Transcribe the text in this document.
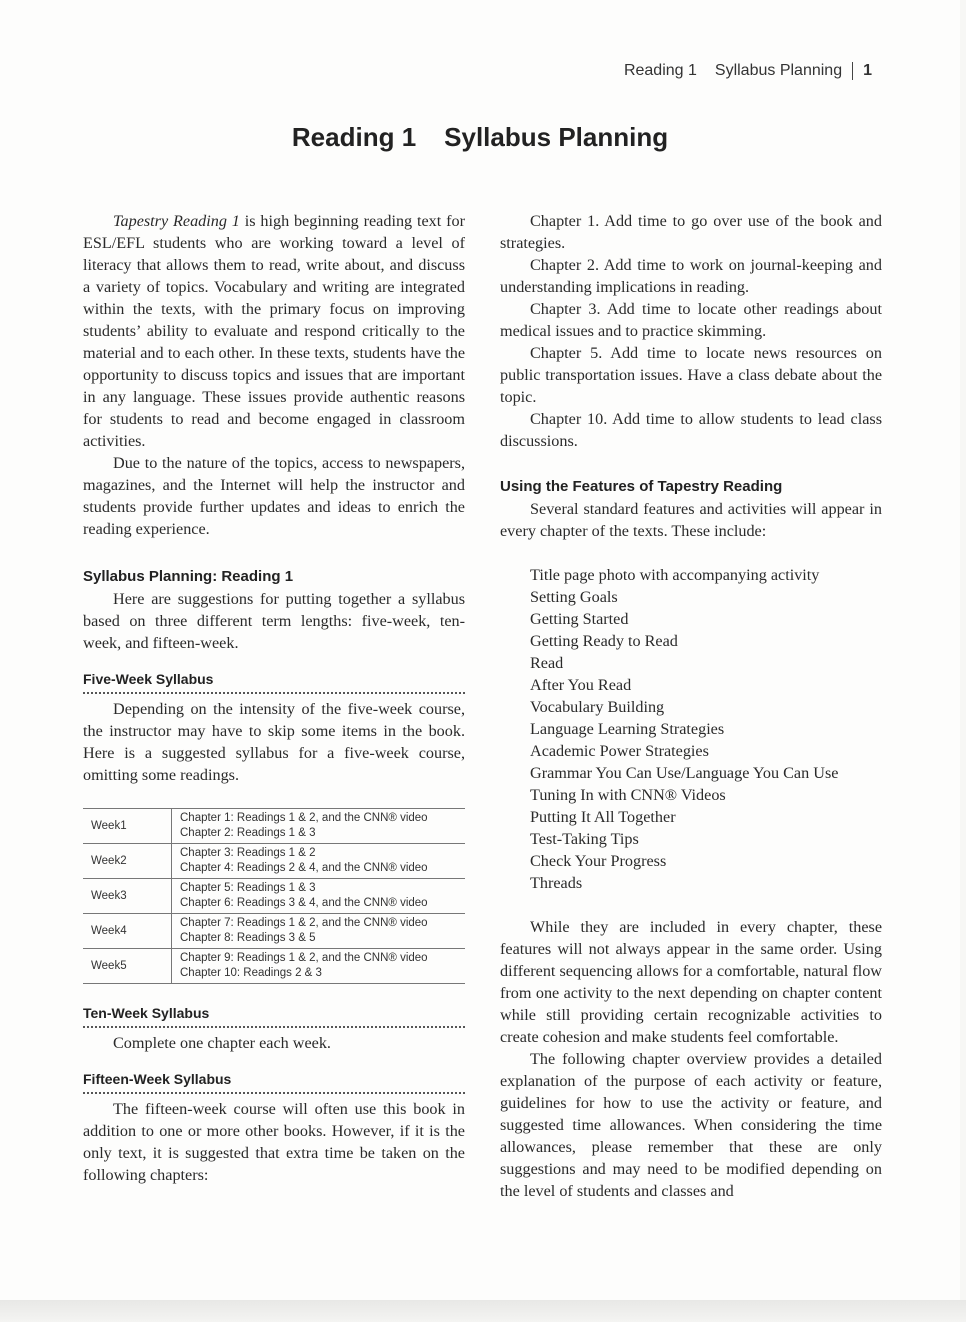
Reading 1 Syllabus Planning 1
Reading 1 Syllabus Planning

Tapestry Reading 1 is high beginning reading text for ESL/EFL students who are working toward a level of literacy that allows them to read, write about, and discuss a variety of topics. Vocabulary and writing are integrated within the texts, with the primary focus on improving students’ ability to evaluate and respond critically to the material and to each other. In these texts, students have the opportunity to discuss topics and issues that are important in any language. These issues provide authentic reasons for students to read and become engaged in classroom activities.

Due to the nature of the topics, access to newspapers, magazines, and the Internet will help the instructor and students provide further updates and ideas to enrich the reading experience.

Syllabus Planning: Reading 1

Here are suggestions for putting together a syllabus based on three different term lengths: five-week, ten-week, and fifteen-week.

Five-Week Syllabus

Depending on the intensity of the five-week course, the instructor may have to skip some items in the book. Here is a suggested syllabus for a five-week course, omitting some readings.

Week1	Chapter 1: Readings 1 & 2, and the CNN® video
Chapter 2: Readings 1 & 3

Week2	Chapter 3: Readings 1 & 2
Chapter 4: Readings 2 & 4, and the CNN® video

Week3	Chapter 5: Readings 1 & 3
Chapter 6: Readings 3 & 4, and the CNN® video

Week4	Chapter 7: Readings 1 & 2, and the CNN® video
Chapter 8: Readings 3 & 5

Week5	Chapter 9: Readings 1 & 2, and the CNN® video
Chapter 10: Readings 2 & 3
Ten-Week Syllabus

Complete one chapter each week.

Fifteen-Week Syllabus

The fifteen-week course will often use this book in addition to one or more other books. However, if it is the only text, it is suggested that extra time be taken on the following chapters:

Chapter 1. Add time to go over use of the book and strategies.

Chapter 2. Add time to work on journal-keeping and understanding implications in reading.

Chapter 3. Add time to locate other readings about medical issues and to practice skimming.

Chapter 5. Add time to locate news resources on public transportation issues. Have a class debate about the topic.

Chapter 10. Add time to allow students to lead class discussions.

Using the Features of Tapestry Reading

Several standard features and activities will appear in every chapter of the texts. These include:

Title page photo with accompanying activity
Setting Goals
Getting Started
Getting Ready to Read
Read
After You Read
Vocabulary Building
Language Learning Strategies
Academic Power Strategies
Grammar You Can Use/Language You Can Use
Tuning In with CNN® Videos
Putting It All Together
Test-Taking Tips
Check Your Progress
Threads

While they are included in every chapter, these features will not always appear in the same order. Using different sequencing allows for a comfortable, natural flow from one activity to the next depending on chapter content while still providing certain recognizable activities to create cohesion and make students feel comfortable.

The following chapter overview provides a detailed explanation of the purpose of each activity or feature, guidelines for how to use the activity or feature, and suggested time allowances. When considering the time allowances, please remember that these are only suggestions and may need to be modified depending on the level of students and classes and
